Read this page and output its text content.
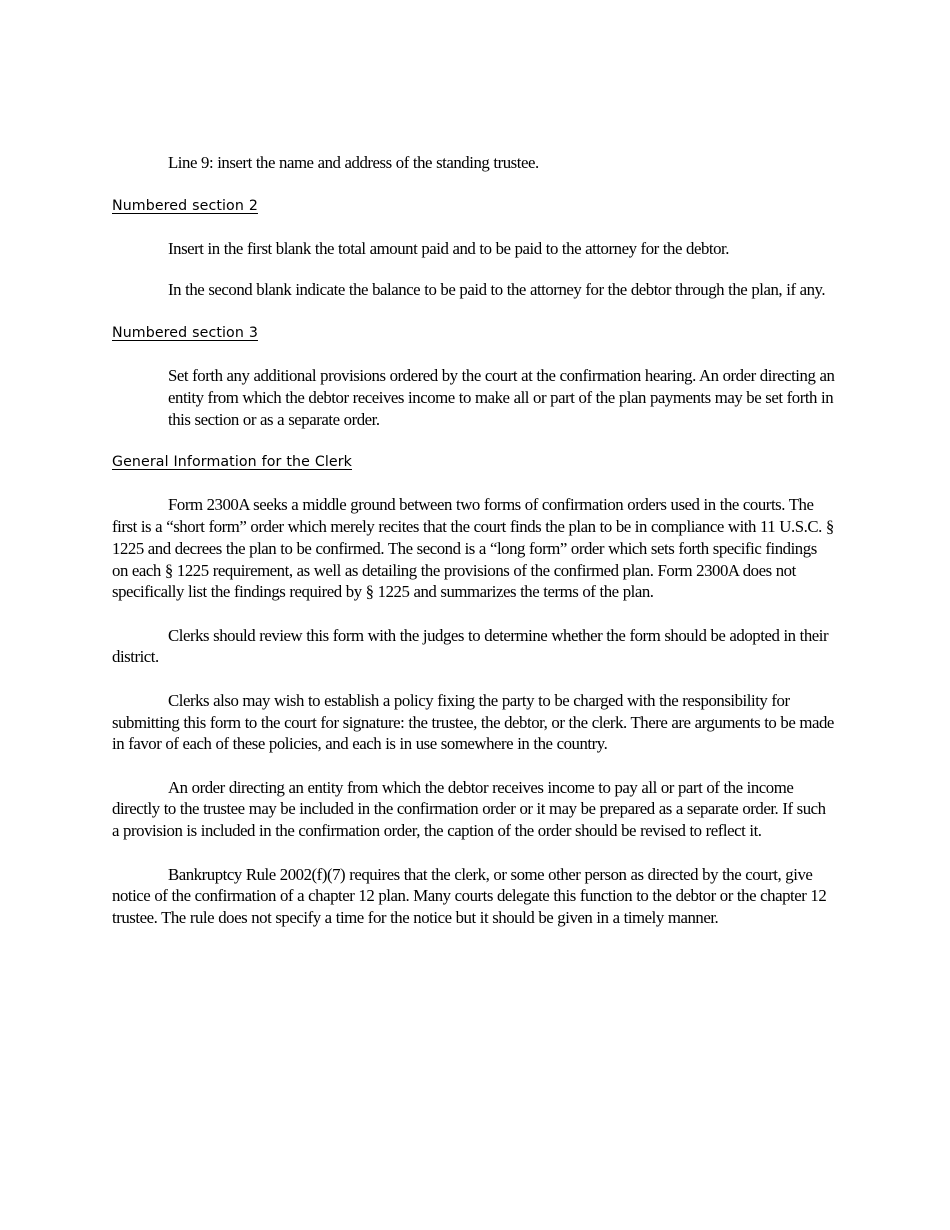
Line 9: insert the name and address of the standing trustee.

Numbered section 2

Insert in the first blank the total amount paid and to be paid to the attorney for the debtor.

In the second blank indicate the balance to be paid to the attorney for the debtor through the plan, if any.

Numbered section 3

Set forth any additional provisions ordered by the court at the confirmation hearing. An order directing an entity from which the debtor receives income to make all or part of the plan payments may be set forth in this section or as a separate order.

General Information for the Clerk

Form 2300A seeks a middle ground between two forms of confirmation orders used in the courts. The first is a “short form” order which merely recites that the court finds the plan to be in compliance with 11 U.S.C. § 1225 and decrees the plan to be confirmed. The second is a “long form” order which sets forth specific findings on each § 1225 requirement, as well as detailing the provisions of the confirmed plan. Form 2300A does not specifically list the findings required by § 1225 and summarizes the terms of the plan.

Clerks should review this form with the judges to determine whether the form should be adopted in their district.

Clerks also may wish to establish a policy fixing the party to be charged with the responsibility for submitting this form to the court for signature: the trustee, the debtor, or the clerk. There are arguments to be made in favor of each of these policies, and each is in use somewhere in the country.

An order directing an entity from which the debtor receives income to pay all or part of the income directly to the trustee may be included in the confirmation order or it may be prepared as a separate order. If such a provision is included in the confirmation order, the caption of the order should be revised to reflect it.

Bankruptcy Rule 2002(f)(7) requires that the clerk, or some other person as directed by the court, give notice of the confirmation of a chapter 12 plan. Many courts delegate this function to the debtor or the chapter 12 trustee. The rule does not specify a time for the notice but it should be given in a timely manner.
